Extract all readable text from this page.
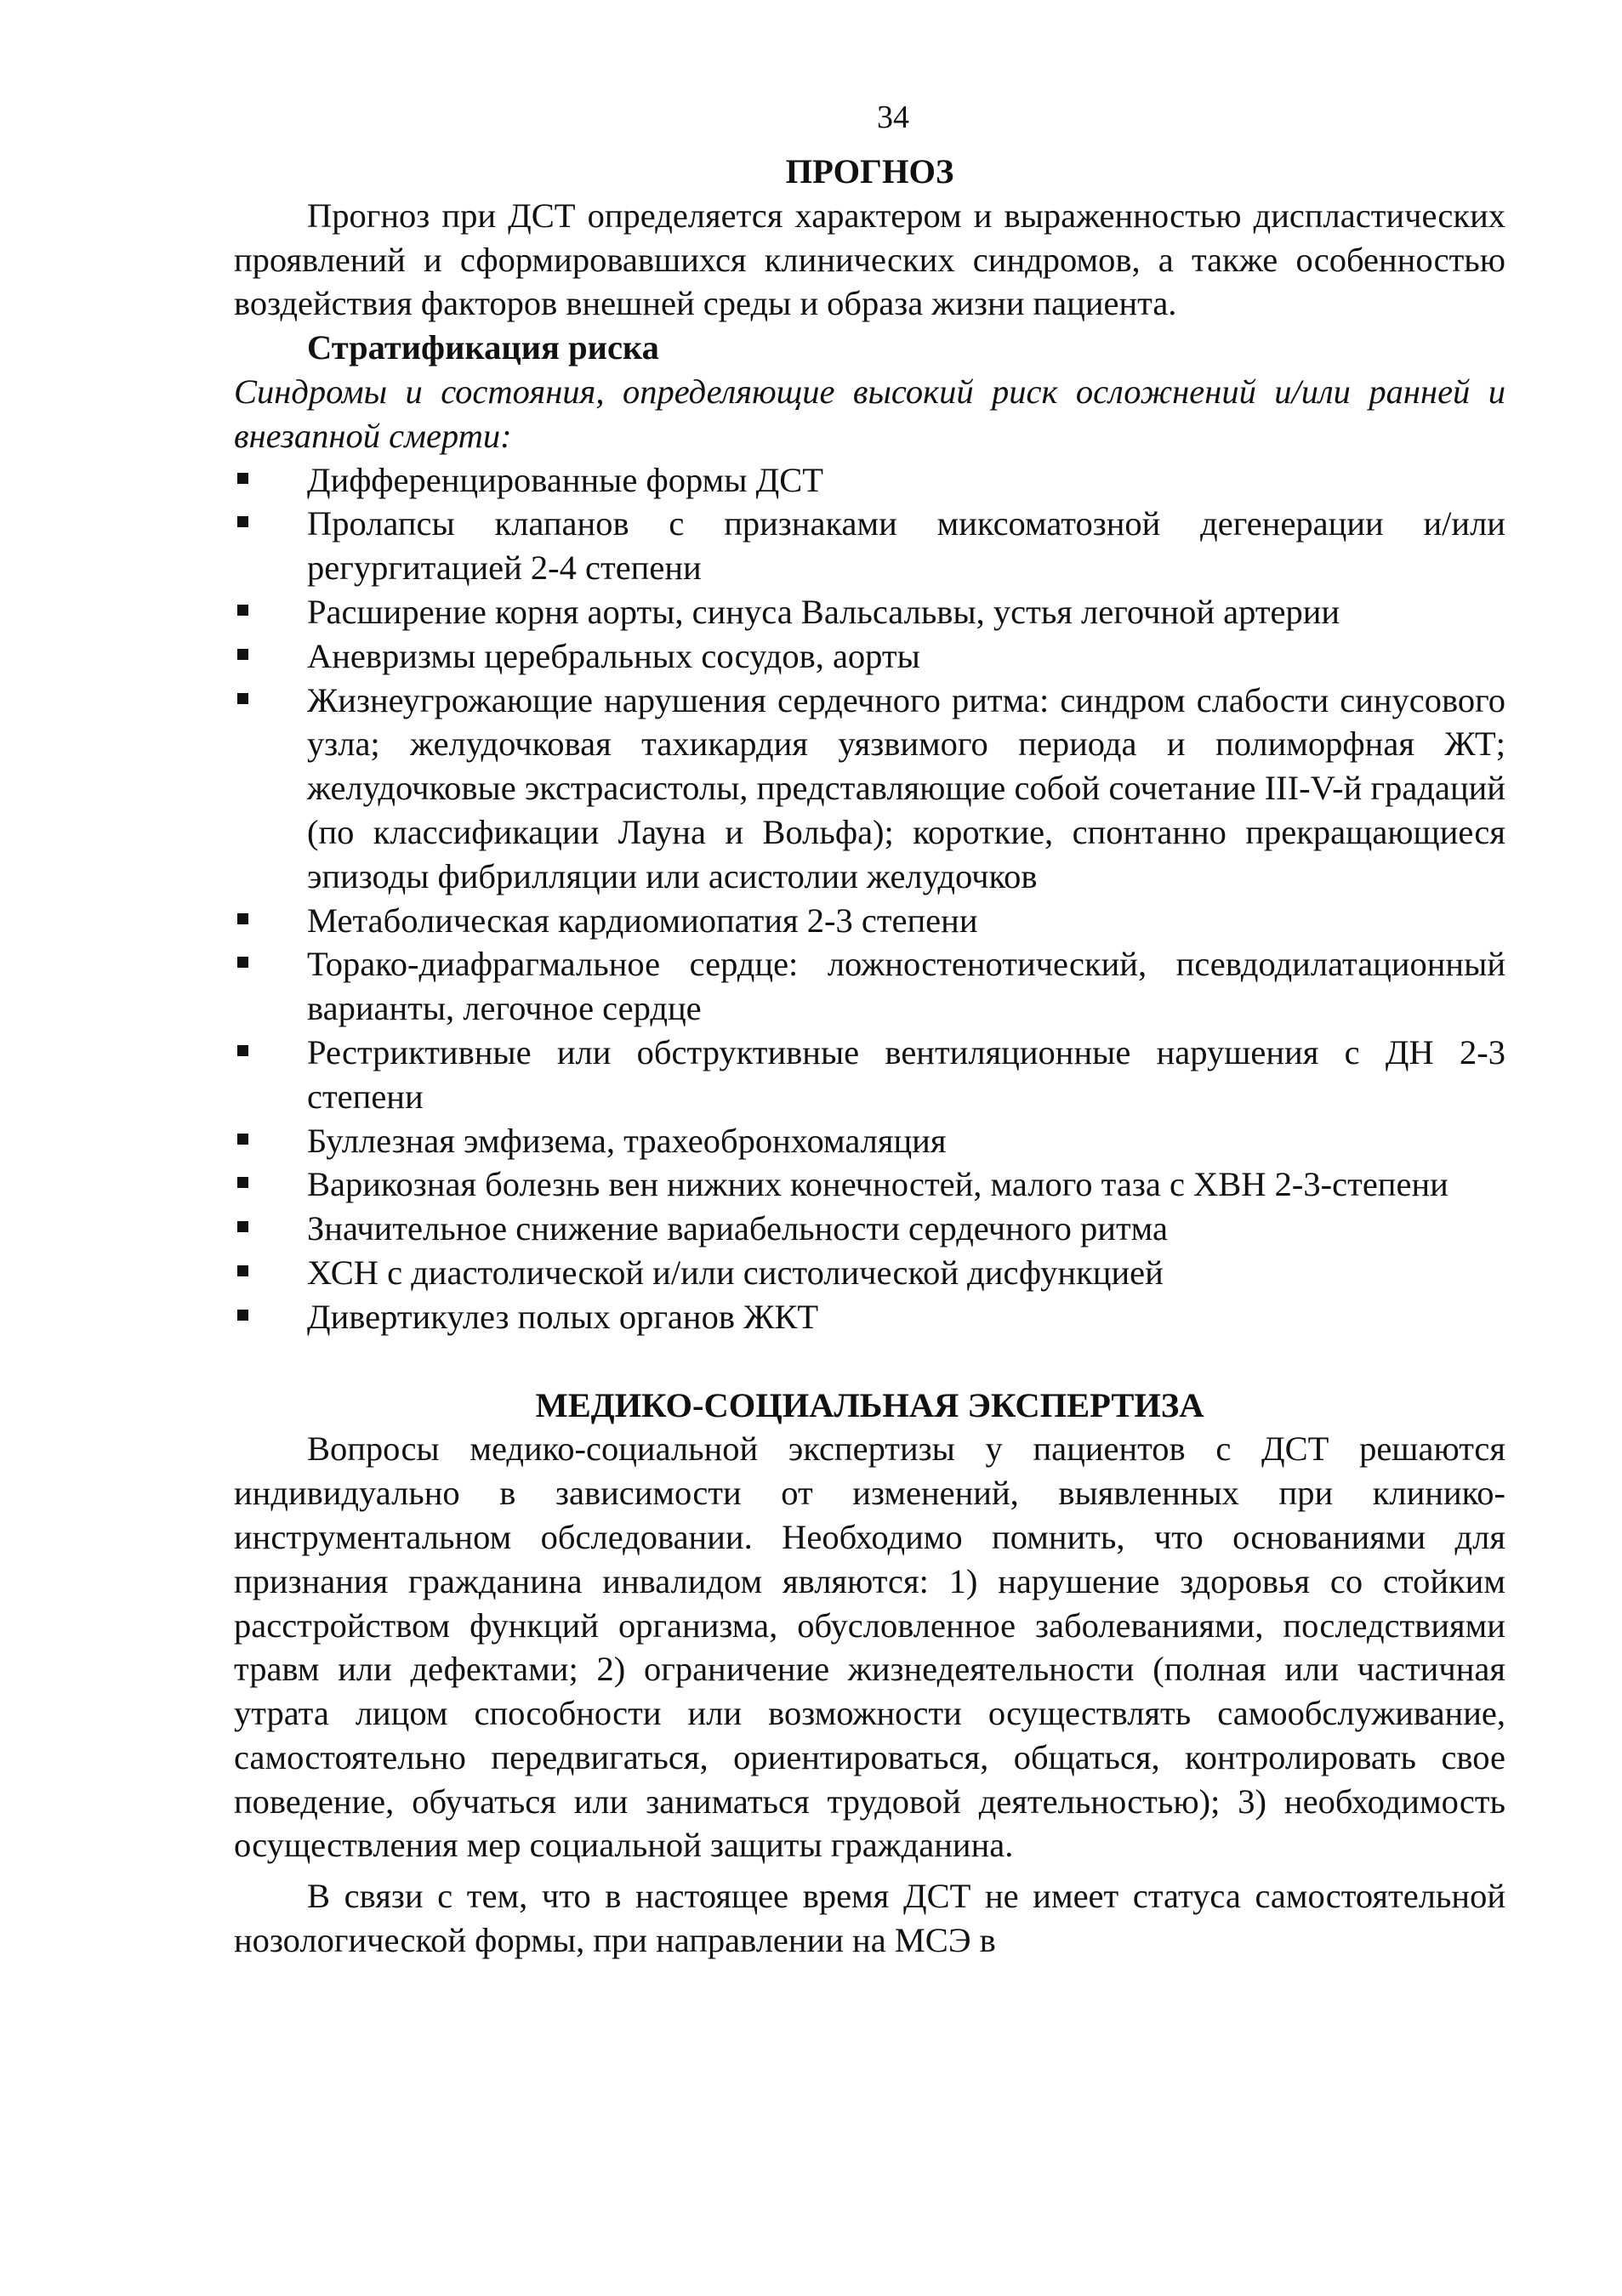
34
ПРОГНОЗ

Прогноз при ДСТ определяется характером и выраженностью диспластических проявлений и сформировавшихся клинических синдромов, а также особенностью воздействия факторов внешней среды и образа жизни пациента.

Стратификация риска

Синдромы и состояния, определяющие высокий риск осложнений и/или ранней и внезапной смерти:

Дифференцированные формы ДСТ
Пролапсы клапанов с признаками миксоматозной дегенерации и/или регургитацией 2-4 степени
Расширение корня аорты, синуса Вальсальвы, устья легочной артерии
Аневризмы церебральных сосудов, аорты
Жизнеугрожающие нарушения сердечного ритма: синдром слабости синусового узла; желудочковая тахикардия уязвимого периода и полиморфная ЖТ; желудочковые экстрасистолы, представляющие собой сочетание III-V-й градаций (по классификации Лауна и Вольфа); короткие, спонтанно прекращающиеся эпизоды фибрилляции или асистолии желудочков
Метаболическая кардиомиопатия 2-3 степени
Торако-диафрагмальное сердце: ложностенотический, псевдодилатационный варианты, легочное сердце
Рестриктивные или обструктивные вентиляционные нарушения с ДН 2-3 степени
Буллезная эмфизема, трахеобронхомаляция
Варикозная болезнь вен нижних конечностей, малого таза с ХВН 2-3-степени
Значительное снижение вариабельности сердечного ритма
ХСН с диастолической и/или систолической дисфункцией
Дивертикулез полых органов ЖКТ
МЕДИКО-СОЦИАЛЬНАЯ ЭКСПЕРТИЗА

Вопросы медико-социальной экспертизы у пациентов с ДСТ решаются индивидуально в зависимости от изменений, выявленных при клинико-инструментальном обследовании. Необходимо помнить, что основаниями для признания гражданина инвалидом являются: 1) нарушение здоровья со стойким расстройством функций организма, обусловленное заболеваниями, последствиями травм или дефектами; 2) ограничение жизнедеятельности (полная или частичная утрата лицом способности или возможности осуществлять самообслуживание, самостоятельно передвигаться, ориентироваться, общаться, контролировать свое поведение, обучаться или заниматься трудовой деятельностью); 3) необходимость осуществления мер социальной защиты гражданина.

В связи с тем, что в настоящее время ДСТ не имеет статуса самостоятельной нозологической формы, при направлении на МСЭ в
